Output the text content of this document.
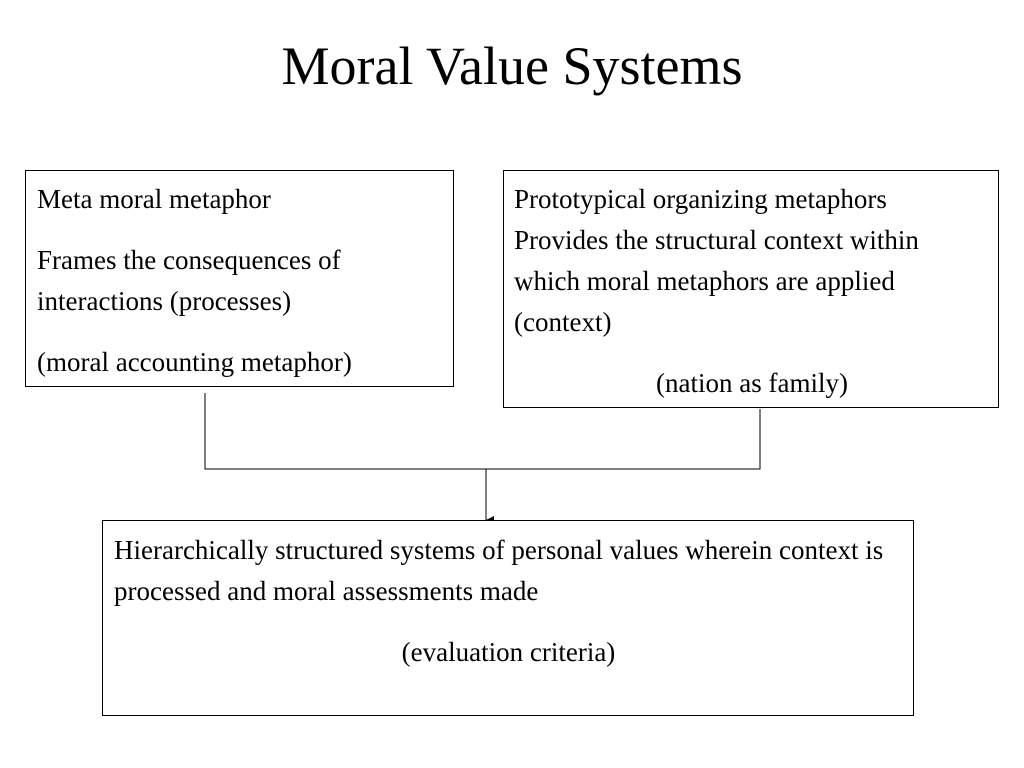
Moral Value Systems

Meta moral metaphor

Frames the consequences of interactions (processes)

(moral accounting metaphor)

Prototypical organizing metaphors

Provides the structural context within which moral metaphors are applied (context)

(nation as family)

Hierarchically structured systems of personal values wherein context is processed and moral assessments made

(evaluation criteria)
